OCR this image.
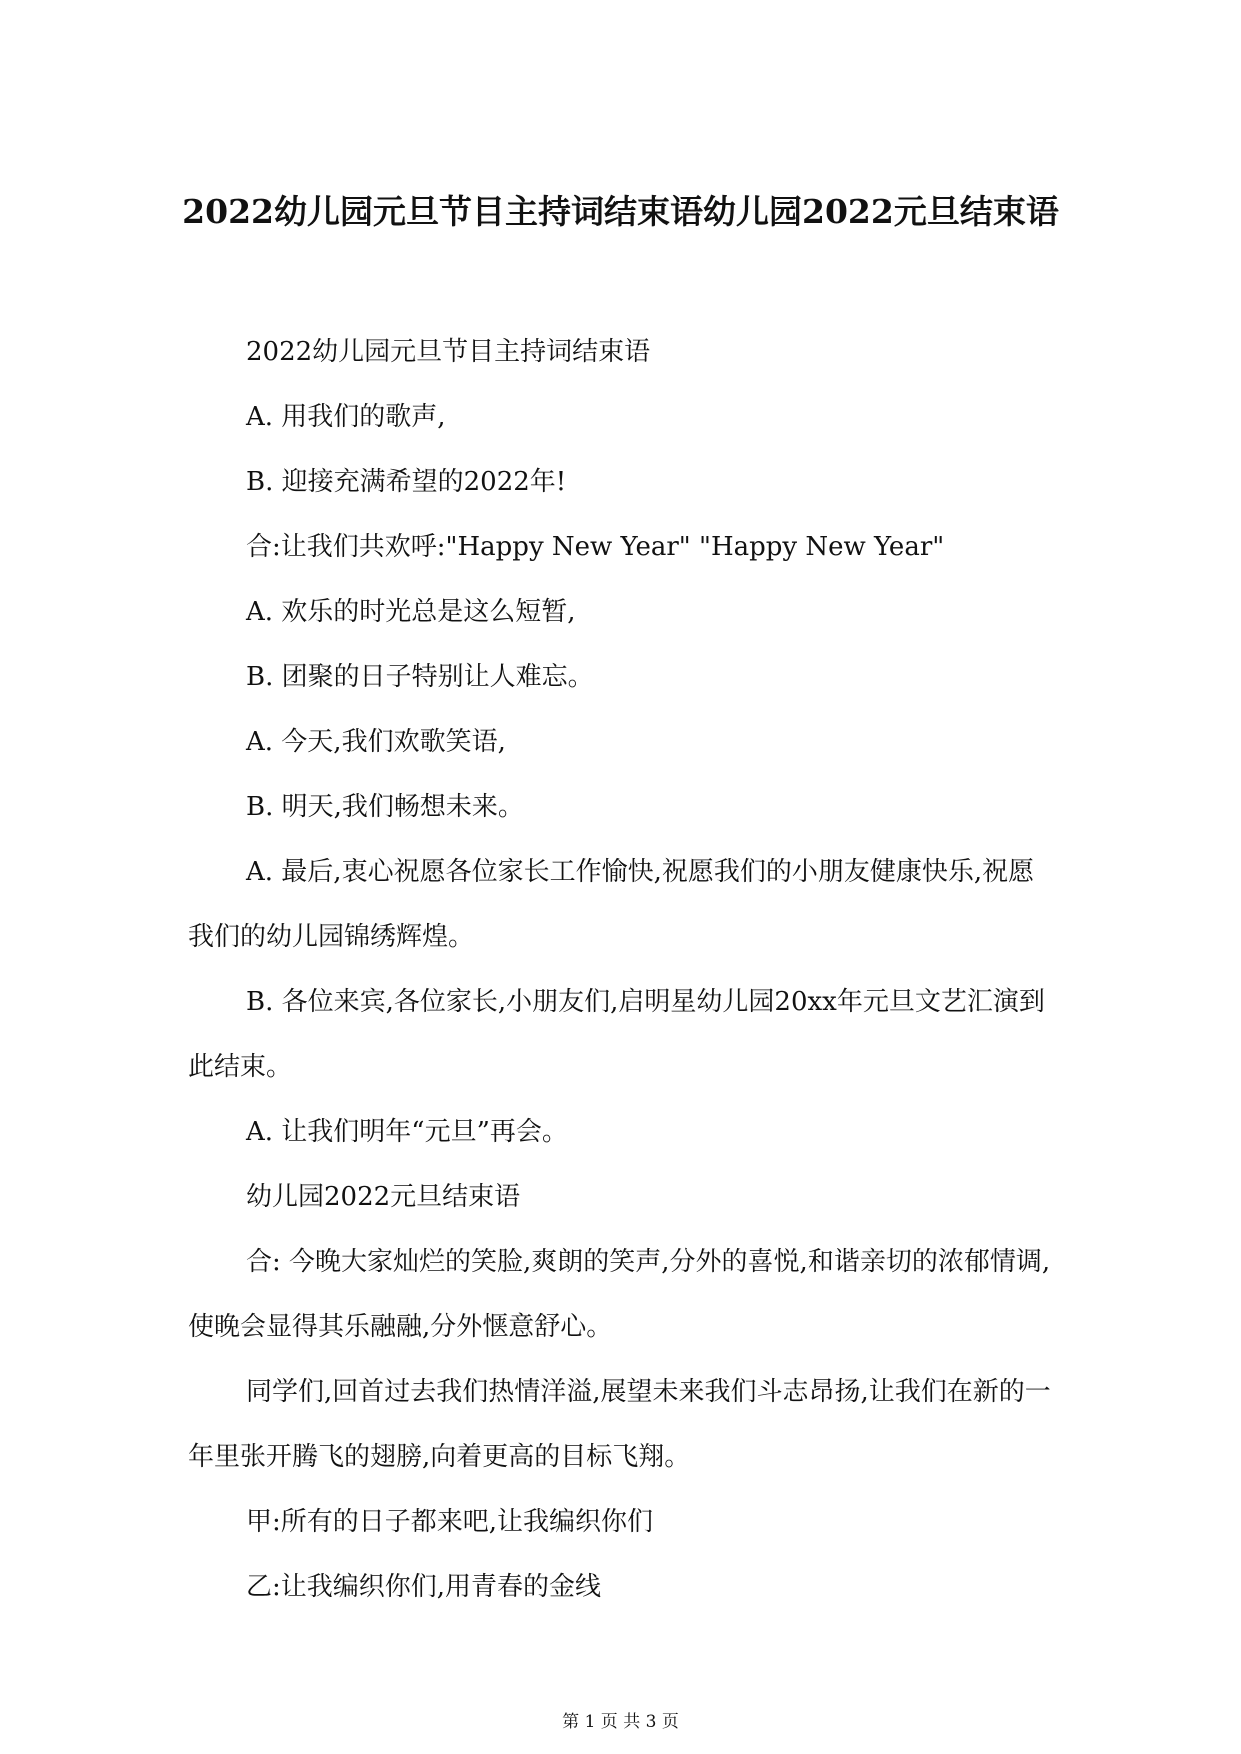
2022幼儿园元旦节目主持词结束语幼儿园2022元旦结束语

2022幼儿园元旦节目主持词结束语

A. 用我们的歌声,

B. 迎接充满希望的2022年!

合:让我们共欢呼:"Happy New Year" "Happy New Year"

A. 欢乐的时光总是这么短暂,

B. 团聚的日子特别让人难忘。

A. 今天,我们欢歌笑语,

B. 明天,我们畅想未来。

A. 最后,衷心祝愿各位家长工作愉快,祝愿我们的小朋友健康快乐,祝愿我们的幼儿园锦绣辉煌。

B. 各位来宾,各位家长,小朋友们,启明星幼儿园20xx年元旦文艺汇演到此结束。

A. 让我们明年“元旦”再会。

幼儿园2022元旦结束语

合: 今晚大家灿烂的笑脸,爽朗的笑声,分外的喜悦,和谐亲切的浓郁情调,使晚会显得其乐融融,分外惬意舒心。

同学们,回首过去我们热情洋溢,展望未来我们斗志昂扬,让我们在新的一年里张开腾飞的翅膀,向着更高的目标飞翔。

甲:所有的日子都来吧,让我编织你们

乙:让我编织你们,用青春的金线

第 1 页 共 3 页
